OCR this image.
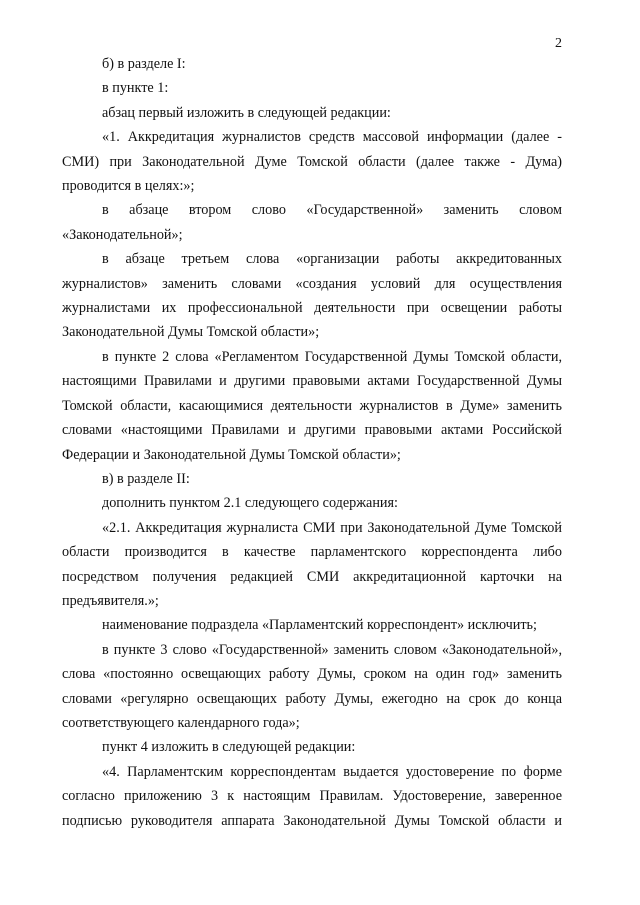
2

б) в разделе I:

в пункте 1:

абзац первый изложить в следующей редакции:

«1. Аккредитация журналистов средств массовой информации (далее - СМИ) при Законодательной Думе Томской области (далее также - Дума) проводится в целях:»;

в абзаце втором слово «Государственной» заменить словом «Законодательной»;

в абзаце третьем слова «организации работы аккредитованных журналистов» заменить словами «создания условий для осуществления журналистами их профессиональной деятельности при освещении работы Законодательной Думы Томской области»;

в пункте 2 слова «Регламентом Государственной Думы Томской области, настоящими Правилами и другими правовыми актами Государственной Думы Томской области, касающимися деятельности журналистов в Думе» заменить словами «настоящими Правилами и другими правовыми актами Российской Федерации и Законодательной Думы Томской области»;

в) в разделе II:

дополнить пунктом 2.1 следующего содержания:

«2.1. Аккредитация журналиста СМИ при Законодательной Думе Томской области производится в качестве парламентского корреспондента либо посредством получения редакцией СМИ аккредитационной карточки на предъявителя.»;

наименование подраздела «Парламентский корреспондент» исключить;

в пункте 3 слово «Государственной» заменить словом «Законодательной», слова «постоянно освещающих работу Думы, сроком на один год» заменить словами «регулярно освещающих работу Думы, ежегодно на срок до конца соответствующего календарного года»;

пункт 4 изложить в следующей редакции:

«4. Парламентским корреспондентам выдается удостоверение по форме согласно приложению 3 к настоящим Правилам. Удостоверение, заверенное подписью руководителя аппарата Законодательной Думы Томской области и
